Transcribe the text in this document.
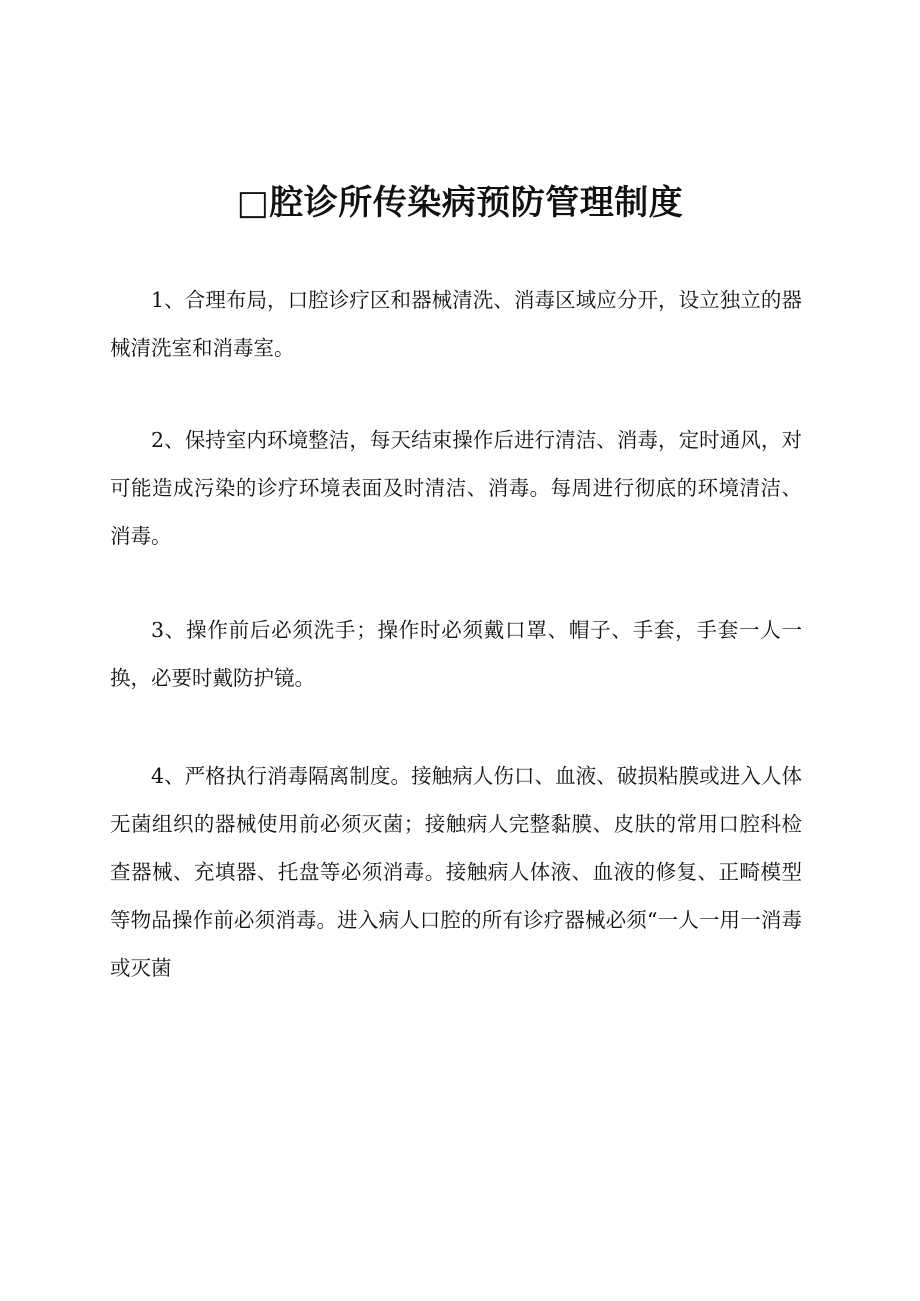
□腔诊所传染病预防管理制度

1、合理布局，口腔诊疗区和器械清洗、消毒区域应分开，设立独立的器械清洗室和消毒室。

2、保持室内环境整洁，每天结束操作后进行清洁、消毒，定时通风，对可能造成污染的诊疗环境表面及时清洁、消毒。每周进行彻底的环境清洁、消毒。

3、操作前后必须洗手；操作时必须戴口罩、帽子、手套，手套一人一换，必要时戴防护镜。

4、严格执行消毒隔离制度。接触病人伤口、血液、破损粘膜或进入人体无菌组织的器械使用前必须灭菌；接触病人完整黏膜、皮肤的常用口腔科检查器械、充填器、托盘等必须消毒。接触病人体液、血液的修复、正畸模型等物品操作前必须消毒。进入病人口腔的所有诊疗器械必须“一人一用一消毒或灭菌
